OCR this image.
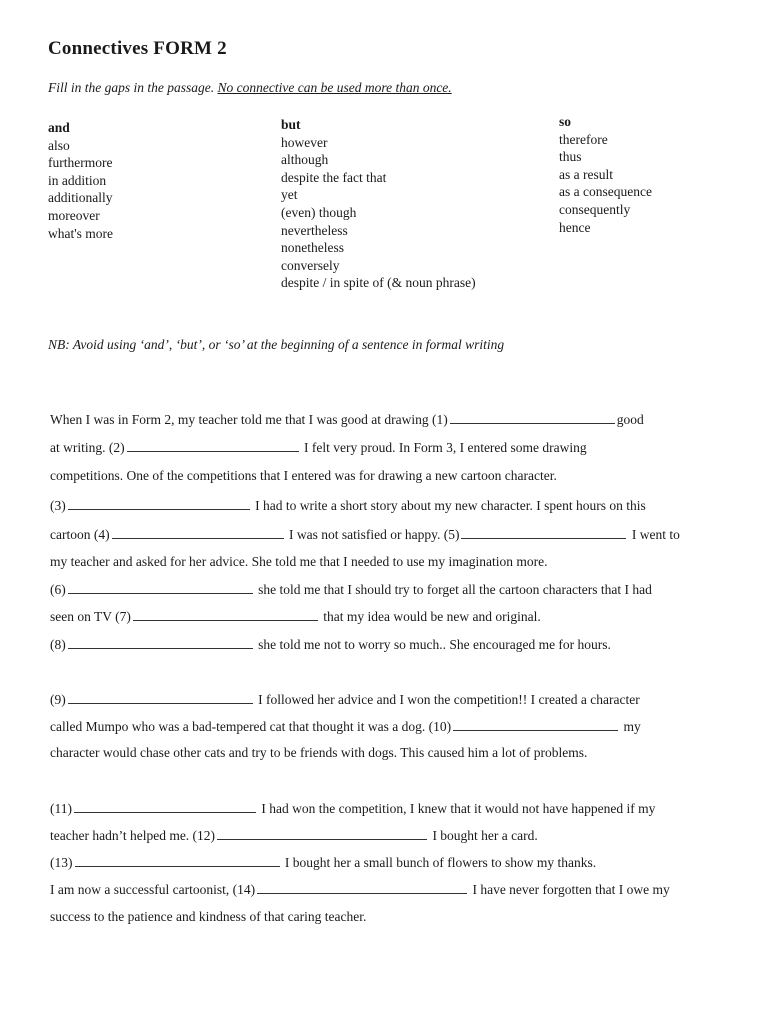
Connectives FORM 2
Fill in the gaps in the passage. No connective can be used more than once.
and
also
furthermore
in addition
additionally
moreover
what's more
but
however
although
despite the fact that
yet
(even) though
nevertheless
nonetheless
conversely
despite / in spite of (& noun phrase)
so
therefore
thus
as a result
as a consequence
consequently
hence
NB: Avoid using ‘and’, ‘but’, or ‘so’ at the beginning of a sentence in formal writing
When I was in Form 2, my teacher told me that I was good at drawing (1)	good
at writing. (2)	I felt very proud. In Form 3, I entered some drawing
competitions. One of the competitions that I entered was for drawing a new cartoon character.
(3)	I had to write a short story about my new character. I spent hours on this
cartoon (4)	I was not satisfied or happy. (5)	I went to
my teacher and asked for her advice. She told me that I needed to use my imagination more.
(6)	she told me that I should try to forget all the cartoon characters that I had
seen on TV (7)	that my idea would be new and original.
(8)	she told me not to worry so much.. She encouraged me for hours.
(9)	I followed her advice and I won the competition!! I created a character
called Mumpo who was a bad-tempered cat that thought it was a dog. (10)	my
character would chase other cats and try to be friends with dogs. This caused him a lot of problems.
(11)	I had won the competition, I knew that it would not have happened if my
teacher hadn’t helped me. (12)	I bought her a card.
(13)	I bought her a small bunch of flowers to show my thanks.
I am now a successful cartoonist, (14)	I have never forgotten that I owe my
success to the patience and kindness of that caring teacher.
